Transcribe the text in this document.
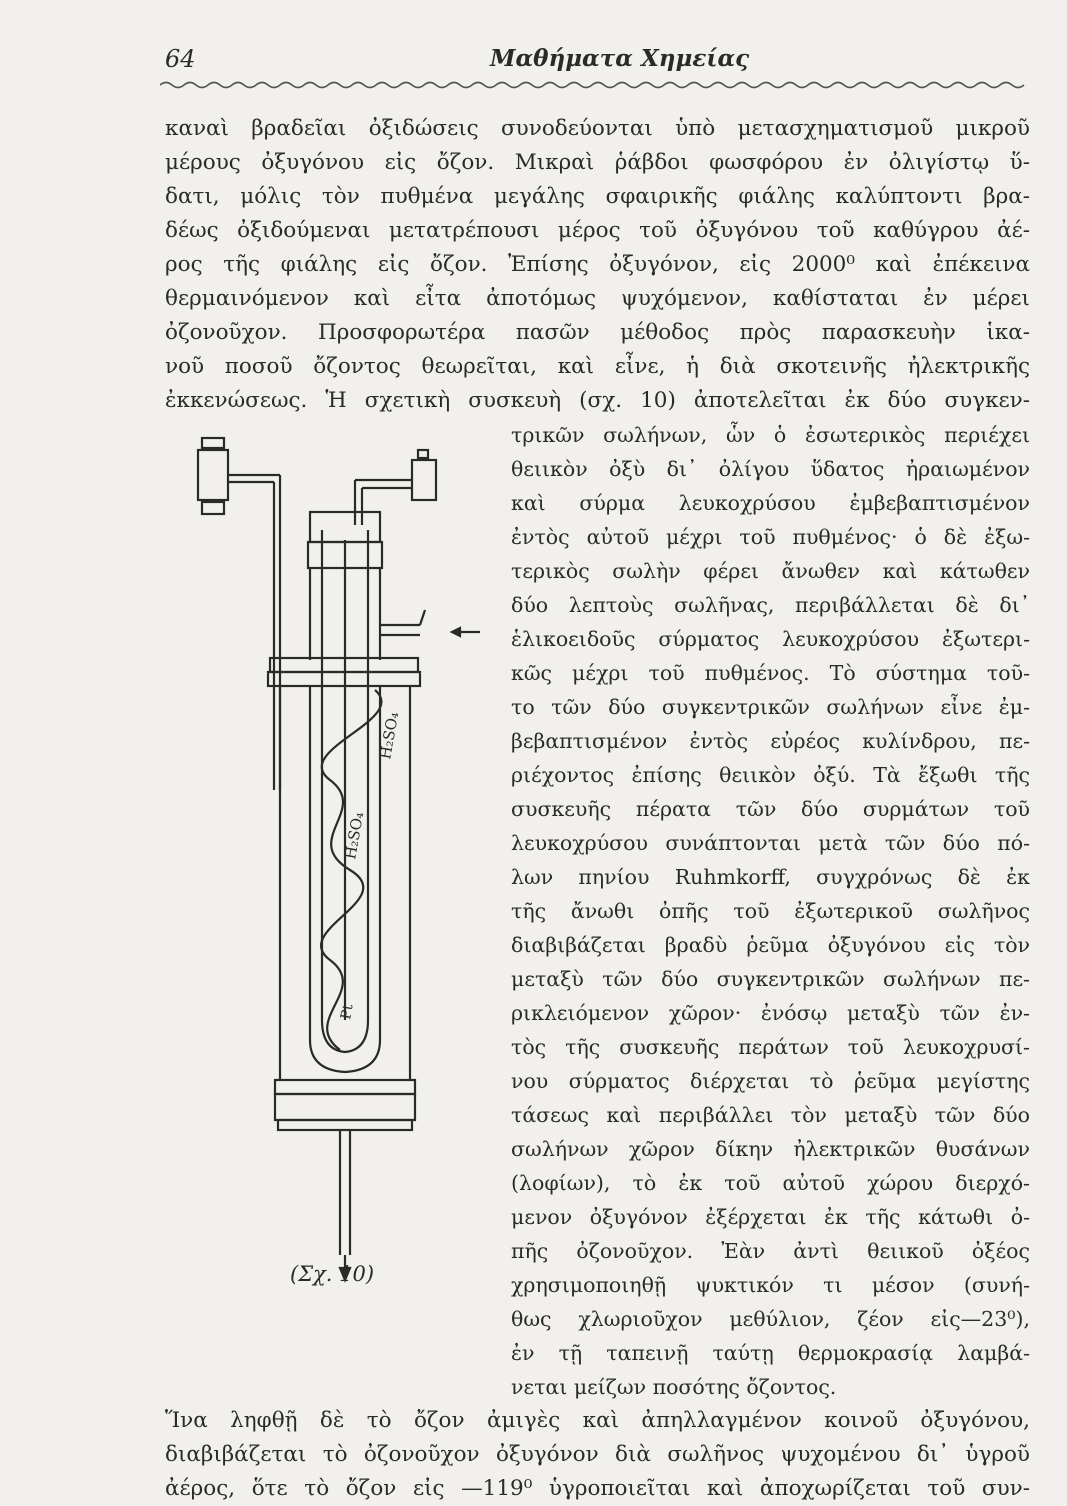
64	Μαθήματα Χημείας
καναὶ βραδεῖαι ὀξιδώσεις συνοδεύονται ὑπὸ μετασχηματισμοῦ μικροῦ
μέρους ὀξυγόνου εἰς ὄζον. Μικραὶ ῥάβδοι φωσφόρου ἐν ὀλιγίστῳ ὕ-
δατι, μόλις τὸν πυθμένα μεγάλης σφαιρικῆς φιάλης καλύπτοντι βρα-
δέως ὀξιδούμεναι μετατρέπουσι μέρος τοῦ ὀξυγόνου τοῦ καθύγρου ἀέ-
ρος τῆς φιάλης εἰς ὄζον. Ἐπίσης ὀξυγόνον, εἰς 2000⁰ καὶ ἐπέκεινα
θερμαινόμενον καὶ εἶτα ἀποτόμως ψυχόμενον, καθίσταται ἐν μέρει
ὀζονοῦχον. Προσφορωτέρα πασῶν μέθοδος πρὸς παρασκευὴν ἱκα-
νοῦ ποσοῦ ὄζοντος θεωρεῖται, καὶ εἶνε, ἡ διὰ σκοτεινῆς ἠλεκτρικῆς
ἐκκενώσεως. Ἡ σχετικὴ συσκευὴ (σχ. 10) ἀποτελεῖται ἐκ δύο συγκεν-
τρικῶν σωλήνων, ὧν ὁ ἐσωτερικὸς περιέχει
θειικὸν ὀξὺ δι᾽ ὀλίγου ὕδατος ἠραιωμένον
καὶ σύρμα λευκοχρύσου ἐμβεβαπτισμένον
ἐντὸς αὐτοῦ μέχρι τοῦ πυθμένος· ὁ δὲ ἐξω-
τερικὸς σωλὴν φέρει ἄνωθεν καὶ κάτωθεν
δύο λεπτοὺς σωλῆνας, περιβάλλεται δὲ δι᾽
ἑλικοειδοῦς σύρματος λευκοχρύσου ἐξωτερι-
κῶς μέχρι τοῦ πυθμένος. Τὸ σύστημα τοῦ-
το τῶν δύο συγκεντρικῶν σωλήνων εἶνε ἐμ-
βεβαπτισμένον ἐντὸς εὐρέος κυλίνδρου, πε-
ριέχοντος ἐπίσης θειικὸν ὀξύ. Τὰ ἔξωθι τῆς
συσκευῆς πέρατα τῶν δύο συρμάτων τοῦ
λευκοχρύσου συνάπτονται μετὰ τῶν δύο πό-
λων πηνίου Ruhmkorff, συγχρόνως δὲ ἐκ
τῆς ἄνωθι ὀπῆς τοῦ ἐξωτερικοῦ σωλῆνος
διαβιβάζεται βραδὺ ῥεῦμα ὀξυγόνου εἰς τὸν
μεταξὺ τῶν δύο συγκεντρικῶν σωλήνων πε-
ρικλειόμενον χῶρον· ἐνόσῳ μεταξὺ τῶν ἐν-
τὸς τῆς συσκευῆς περάτων τοῦ λευκοχρυσί-
νου σύρματος διέρχεται τὸ ῥεῦμα μεγίστης
τάσεως καὶ περιβάλλει τὸν μεταξὺ τῶν δύο
σωλήνων χῶρον δίκην ἠλεκτρικῶν θυσάνων
(λοφίων), τὸ ἐκ τοῦ αὐτοῦ χώρου διερχό-
μενον ὀξυγόνον ἐξέρχεται ἐκ τῆς κάτωθι ὀ-
πῆς ὀζονοῦχον. Ἐὰν ἀντὶ θειικοῦ ὀξέος
χρησιμοποιηθῇ ψυκτικόν τι μέσον (συνή-
θως χλωριοῦχον μεθύλιον, ζέον εἰς—23⁰),
ἐν τῇ ταπεινῇ ταύτῃ θερμοκρασίᾳ λαμβά-
νεται μείζων ποσότης ὄζοντος.
Ἵνα ληφθῇ δὲ τὸ ὄζον ἀμιγὲς καὶ ἀπηλλαγμένον κοινοῦ ὀξυγόνου,
διαβιβάζεται τὸ ὀζονοῦχον ὀξυγόνον διὰ σωλῆνος ψυχομένου δι᾽ ὑγροῦ
ἀέρος, ὅτε τὸ ὄζον εἰς —119⁰ ὑγροποιεῖται καὶ ἀποχωρίζεται τοῦ συν-
H₂SO₄
H₂SO₄
Pt
(Σχ. 10)
